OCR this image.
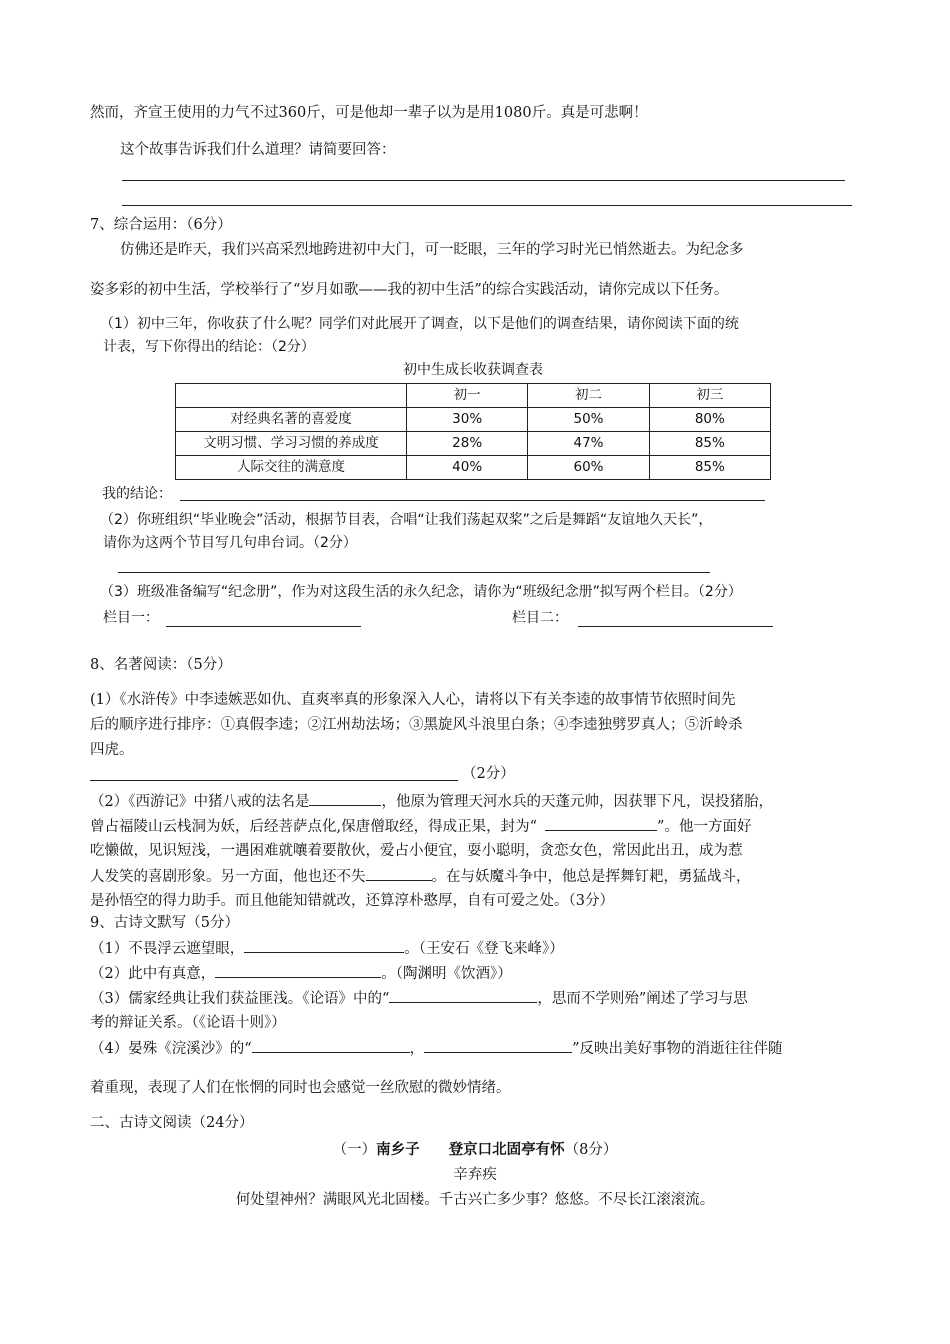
然而，齐宣王使用的力气不过360斤，可是他却一辈子以为是用1080斤。真是可悲啊！
这个故事告诉我们什么道理？请简要回答：
7、综合运用：（6分）
仿佛还是昨天，我们兴高采烈地跨进初中大门，可一眨眼，三年的学习时光已悄然逝去。为纪念多
姿多彩的初中生活，学校举行了“岁月如歌——我的初中生活”的综合实践活动，请你完成以下任务。
（1）初中三年，你收获了什么呢？同学们对此展开了调查，以下是他们的调查结果，请你阅读下面的统
计表，写下你得出的结论：（2分）
初中生成长收获调查表
	初一	初二	初三
对经典名著的喜爱度	30%	50%	80%
文明习惯、学习习惯的养成度	28%	47%	85%
人际交往的满意度	40%	60%	85%
我的结论：
（2）你班组织“毕业晚会”活动，根据节目表，合唱“让我们荡起双桨”之后是舞蹈“友谊地久天长”，
请你为这两个节目写几句串台词。（2分）
（3）班级准备编写“纪念册”，作为对这段生活的永久纪念，请你为“班级纪念册”拟写两个栏目。（2分）
栏目一：	栏目二：
8、名著阅读：（5分）
(1）《水浒传》中李逵嫉恶如仇、直爽率真的形象深入人心，请将以下有关李逵的故事情节依照时间先
后的顺序进行排序：①真假李逵；②江州劫法场；③黑旋风斗浪里白条；④李逵独劈罗真人；⑤沂岭杀
四虎。
（2分）
（2）《西游记》中猪八戒的法名是	，他原为管理天河水兵的天蓬元帅，因获罪下凡，误投猪胎，
曾占福陵山云栈洞为妖，后经菩萨点化,保唐僧取经，得成正果，封为“	”。他一方面好
吃懒做，见识短浅，一遇困难就嚷着要散伙，爱占小便宜，耍小聪明，贪恋女色，常因此出丑，成为惹
人发笑的喜剧形象。另一方面，他也还不失	。在与妖魔斗争中，他总是挥舞钉耙，勇猛战斗，
是孙悟空的得力助手。而且他能知错就改，还算淳朴憨厚，自有可爱之处。（3分）
9、古诗文默写（5分）
（1）不畏浮云遮望眼，	。（王安石《登飞来峰》）
（2）此中有真意，	。（陶渊明《饮酒》）
（3）儒家经典让我们获益匪浅。《论语》中的“	，思而不学则殆”阐述了学习与思
考的辩证关系。（《论语十则》）
（4）晏殊《浣溪沙》的“	，	”反映出美好事物的消逝往往伴随
着重现，表现了人们在怅惘的同时也会感觉一丝欣慰的微妙情绪。
二、古诗文阅读（24分）
（一）南乡子　　登京口北固亭有怀（8分）
辛弃疾
何处望神州？满眼风光北固楼。千古兴亡多少事？悠悠。不尽长江滚滚流。
